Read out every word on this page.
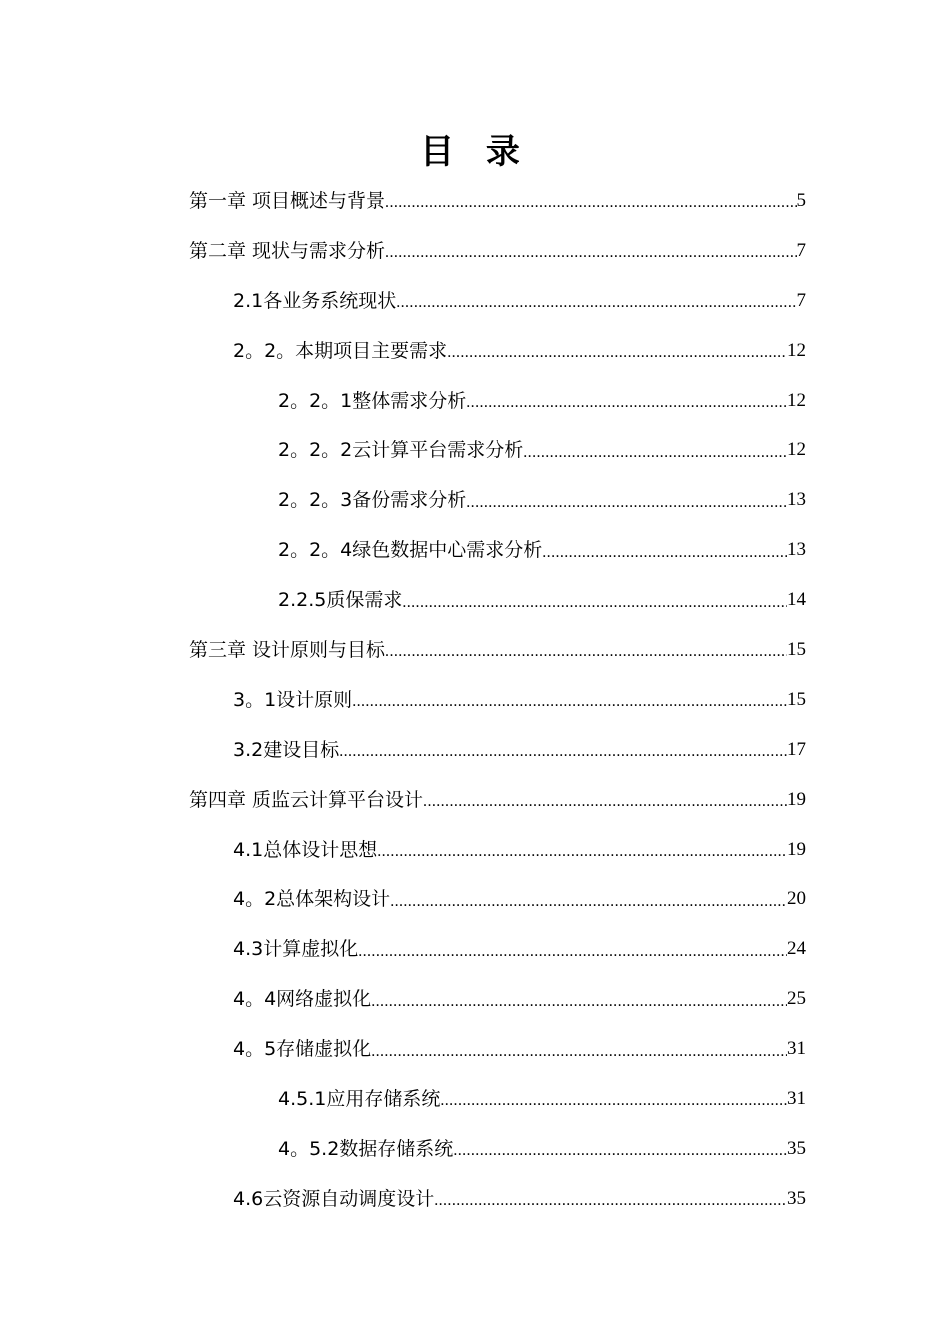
目 录
第一章 项目概述与背景 .....	5
第二章 现状与需求分析 .....	7
2.1各业务系统现状 .....	7
2。2。本期项目主要需求 .....	12
2。2。1整体需求分析 .....	12
2。2。2云计算平台需求分析 .....	12
2。2。3备份需求分析 .....	13
2。2。4绿色数据中心需求分析 .....	13
2.2.5质保需求 .....	14
第三章 设计原则与目标 .....	15
3。1设计原则 .....	15
3.2建设目标 .....	17
第四章 质监云计算平台设计 .....	19
4.1总体设计思想 .....	19
4。2总体架构设计 .....	20
4.3计算虚拟化 .....	24
4。4网络虚拟化 .....	25
4。5存储虚拟化 .....	31
4.5.1应用存储系统 .....	31
4。5.2数据存储系统 .....	35
4.6云资源自动调度设计 .....	35
